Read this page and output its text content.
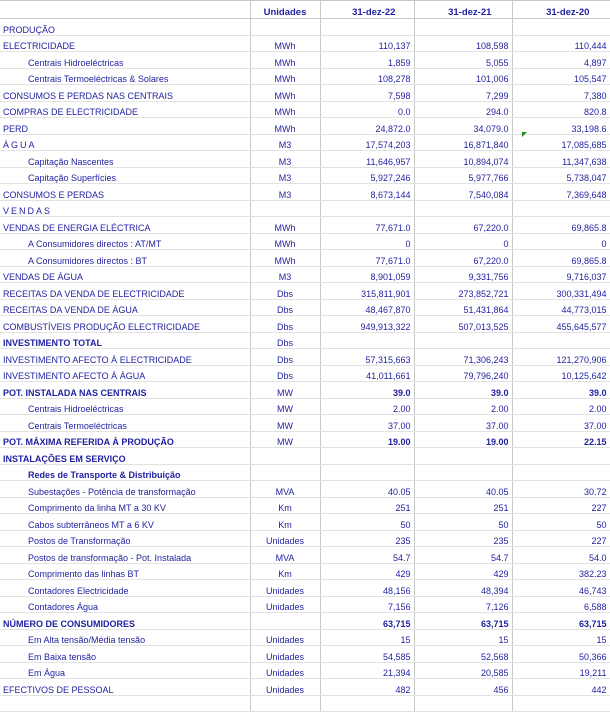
	Unidades		31-dez-22		31-dez-21		31-dez-20
PRODUÇÃO							
ELECTRICIDADE	MWh		110,137		108,598		110,444
Centrais Hidroeléctricas	MWh		1,859		5,055		4,897
Centrais Termoeléctricas & Solares	MWh		108,278		101,006		105,547
CONSUMOS E PERDAS NAS CENTRAIS	MWh		7,598		7,299		7,380
COMPRAS DE ELECTRICIDADE	MWh		0.0		294.0		820.8
PERD	MWh		24,872.0		34,079.0		33,198.6
ÁGUA	M3		17,574,203		16,871,840		17,085,685
Capitação Nascentes	M3		11,646,957		10,894,074		11,347,638
Capitação Superfícies	M3		5,927,246		5,977,766		5,738,047
CONSUMOS E PERDAS	M3		8,673,144		7,540,084		7,369,648
VENDAS							
VENDAS DE ENERGIA ELÉCTRICA	MWh		77,671.0		67,220.0		69,865.8
A Consumidores directos : AT/MT	MWh		0		0		0
A Consumidores directos : BT	MWh		77,671.0		67,220.0		69,865.8
VENDAS DE ÁGUA	M3		8,901,059		9,331,756		9,716,037
RECEITAS DA VENDA DE ELECTRICIDADE	Dbs		315,811,901		273,852,721		300,331,494
RECEITAS DA VENDA DE ÁGUA	Dbs		48,467,870		51,431,864		44,773,015
COMBUSTÍVEIS PRODUÇÃO ELECTRICIDADE	Dbs		949,913,322		507,013,525		455,645,577
INVESTIMENTO TOTAL	Dbs						
INVESTIMENTO AFECTO À ELECTRICIDADE	Dbs		57,315,663		71,306,243		121,270,906
INVESTIMENTO AFECTO À ÁGUA	Dbs		41,011,661		79,796,240		10,125,642
POT. INSTALADA NAS CENTRAIS	MW		39.0		39.0		39.0
Centrais Hidroeléctricas	MW		2.00		2.00		2.00
Centrais Termoeléctricas	MW		37.00		37.00		37.00
POT. MÁXIMA REFERIDA À PRODUÇÃO	MW		19.00		19.00		22.15
INSTALAÇÕES EM SERVIÇO							
Redes de Transporte & Distribuição							
Subestações - Potência de transformação	MVA		40.05		40.05		30.72
Comprimento da linha MT a 30 KV	Km		251		251		227
Cabos subterrâneos MT a 6 KV	Km		50		50		50
Postos de Transformação	Unidades		235		235		227
Postos de transformação - Pot. Instalada	MVA		54.7		54.7		54.0
Comprimento das linhas BT	Km		429		429		382.23
Contadores Electricidade	Unidades		48,156		48,394		46,743
Contadores Água	Unidades		7,156		7,126		6,588
NÚMERO DE CONSUMIDORES			63,715		63,715		63,715
Em Alta tensão/Média tensão	Unidades		15		15		15
Em Baixa tensão	Unidades		54,585		52,568		50,366
Em Água	Unidades		21,394		20,585		19,211
EFECTIVOS DE PESSOAL	Unidades		482		456		442
